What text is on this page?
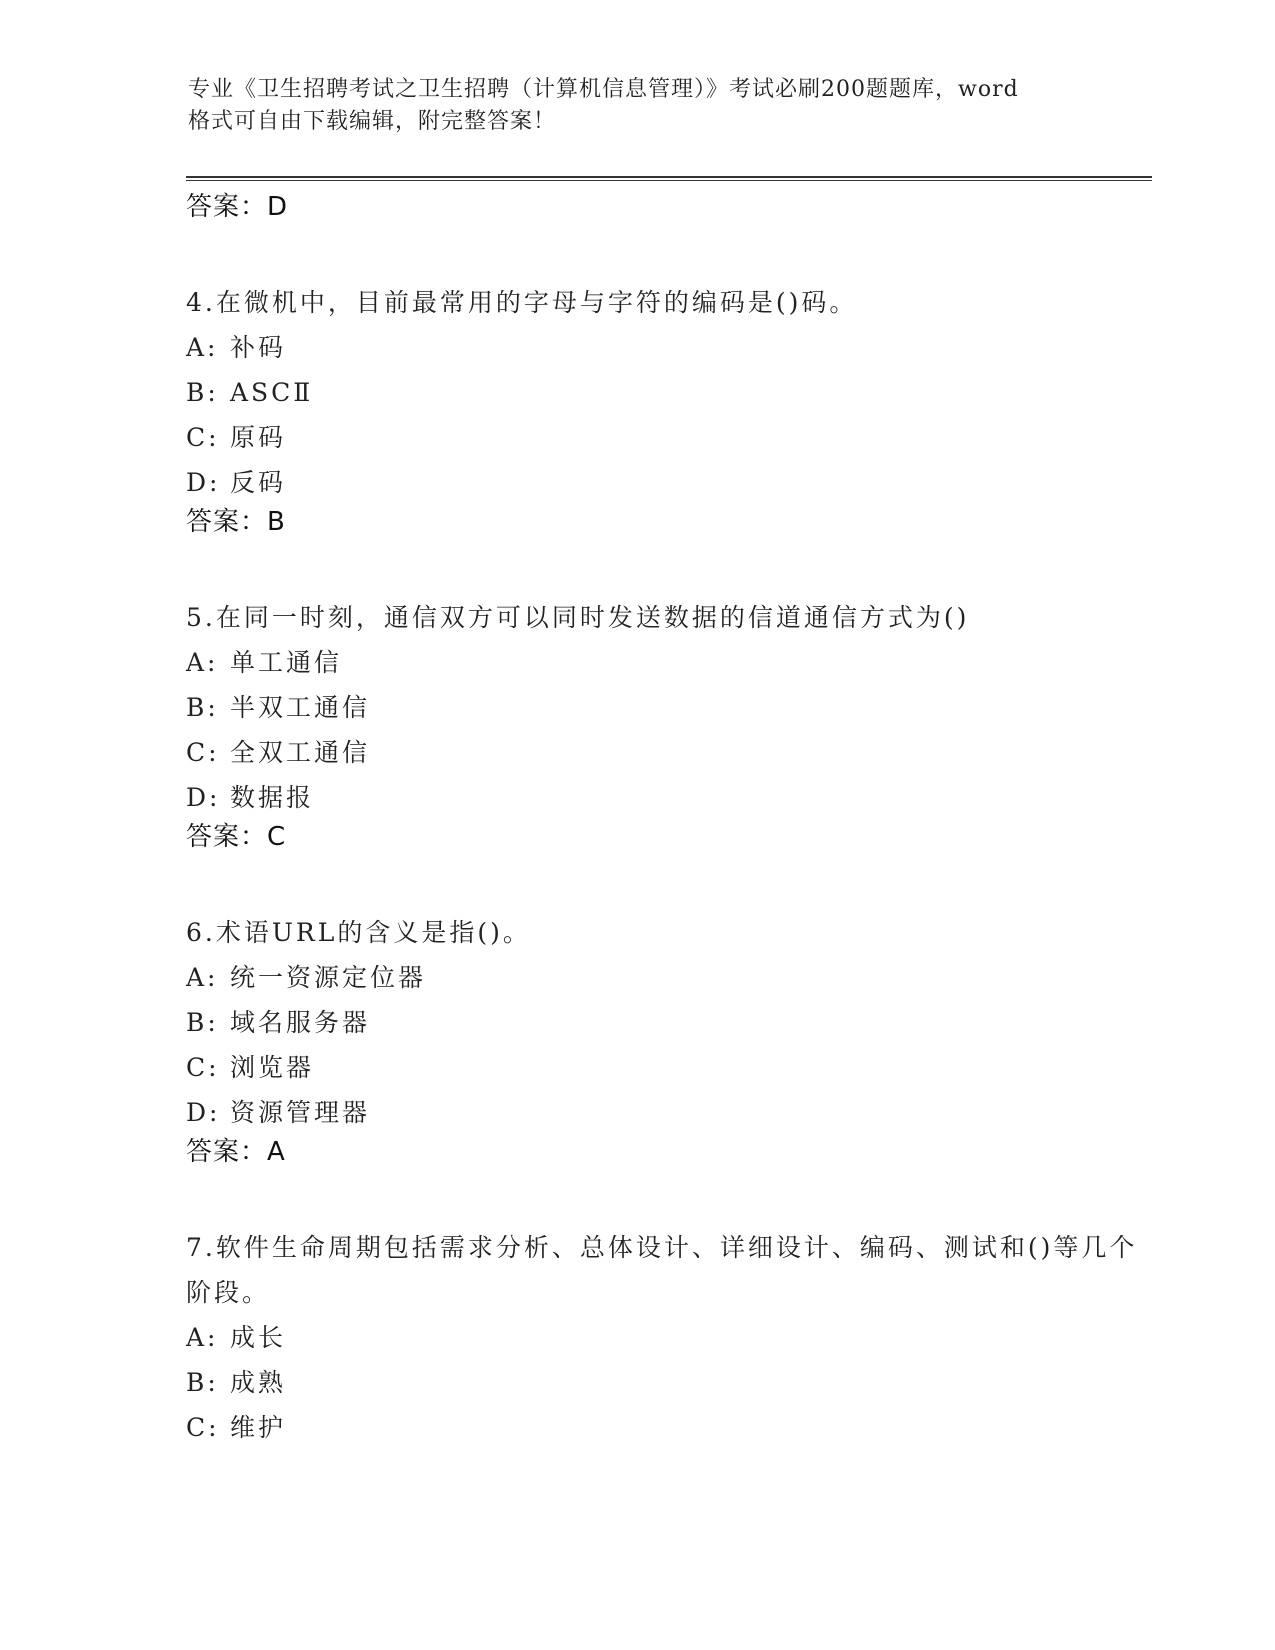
专业《卫生招聘考试之卫生招聘（计算机信息管理）》考试必刷200题题库，word
格式可自由下载编辑，附完整答案！
答案：D
4.在微机中，目前最常用的字母与字符的编码是()码。
A: 补码
B: ASCⅡ
C: 原码
D: 反码
答案：B
5.在同一时刻，通信双方可以同时发送数据的信道通信方式为()
A: 单工通信
B: 半双工通信
C: 全双工通信
D: 数据报
答案：C
6.术语URL的含义是指()。
A: 统一资源定位器
B: 域名服务器
C: 浏览器
D: 资源管理器
答案：A
7.软件生命周期包括需求分析、总体设计、详细设计、编码、测试和()等几个阶段。
A: 成长
B: 成熟
C: 维护
